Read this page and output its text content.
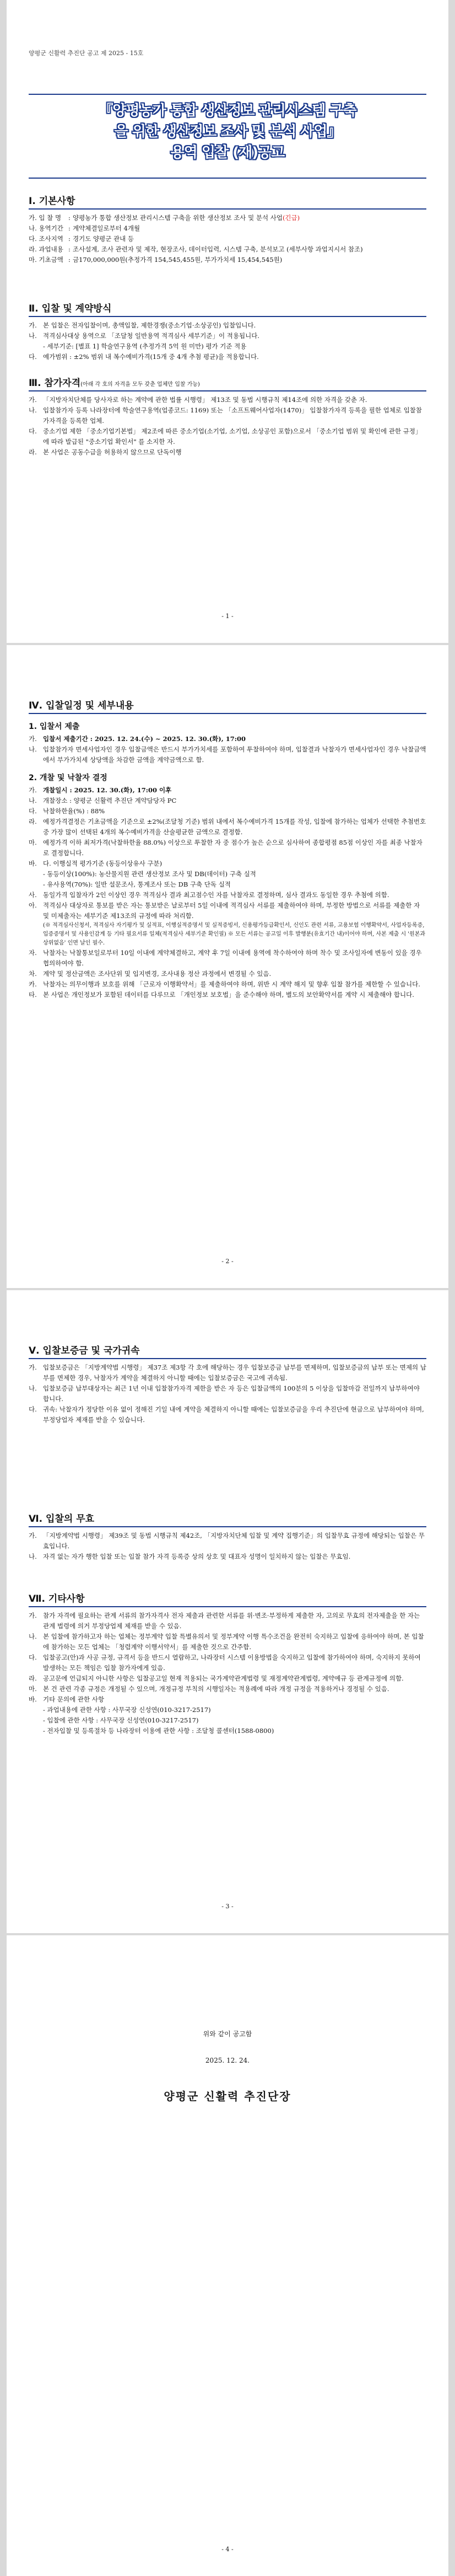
양평군 신활력 추진단 공고 제 2025 - 15호
『양평농가 통합 생산정보 관리시스템 구축
을 위한 생산정보 조사 및 분석 사업』
용역 입찰 (재)공고
Ⅰ. 기본사항
가. 입 찰 명	: 양평농가 통합 생산정보 관리시스템 구축을 위한 생산정보 조사 및 분석 사업(긴급)
나. 용역기간 : 계약체결일로부터 4개월
다. 조사지역 : 경기도 양평군 관내 등
라. 과업내용 : 조사설계, 조사 관련자 및 제작, 현장조사, 데이터입력, 시스템 구축, 분석보고 (세부사항 과업지시서 참조)
마. 기초금액 : 금170,000,000원(추정가격 154,545,455원, 부가가치세 15,454,545원)
Ⅱ. 입찰 및 계약방식
가. 본 입찰은 전자입찰이며, 총액입찰, 제한경쟁(중소기업·소상공인) 입찰입니다.
나. 적격심사대상 용역으로 「조달청 일반용역 적격심사 세부기준」이 적용됩니다.
- 세부기준: [별표 1] 학술연구용역 (추정가격 5억 원 미만) 평가 기준 적용
다. 예가범위 : ±2% 범위 내 복수예비가격(15개 중 4개 추첨 평균)을 적용합니다.
Ⅲ. 참가자격(아래 각 호의 자격을 모두 갖춘 업체만 입찰 가능)
가. 「지방자치단체를 당사자로 하는 계약에 관한 법률 시행령」 제13조 및 동법 시행규칙 제14조에 의한 자격을 갖춘 자.
나. 입찰참가자 등록 나라장터에 학술연구용역(업종코드: 1169) 또는 「소프트웨어사업자(1470)」 입찰참가자격 등록을 필한 업체로 입찰참가자격을 등록한 업체.
다. 중소기업 제한 「중소기업기본법」 제2조에 따른 중소기업(소기업, 소기업, 소상공인 포함)으로서 「중소기업 범위 및 확인에 관한 규정」에 따라 발급된 "중소기업 확인서" 를 소지한 자.
라. 본 사업은 공동수급을 허용하지 않으므로 단독이행
- 1 -
Ⅳ. 입찰일정 및 세부내용
1. 입찰서 제출
가. 입찰서 제출기간 : 2025. 12. 24.(수) ~ 2025. 12. 30.(화), 17:00
나. 입찰참가자 면세사업자인 경우 입찰금액은 반드시 부가가치세를 포함하여 투찰하여야 하며, 입찰결과 낙찰자가 면세사업자인 경우 낙찰금액에서 부가가치세 상당액을 차감한 금액을 계약금액으로 함.
2. 개찰 및 낙찰자 결정
가. 개찰일시 : 2025. 12. 30.(화), 17:00 이후
나. 개찰장소 : 양평군 신활력 추진단 계약담당자 PC
다. 낙찰하한율(%) : 88%
라. 예정가격결정은 기초금액을 기준으로 ±2%(조달청 기준) 범위 내에서 복수예비가격 15개를 작성, 입찰에 참가하는 업체가 선택한 추첨번호 중 가장 많이 선택된 4개의 복수예비가격을 산술평균한 금액으로 결정함.
마. 예정가격 이하 최저가격(낙찰하한율 88.0%) 이상으로 투찰한 자 중 점수가 높은 순으로 심사하여 종합평점 85점 이상인 자를 최종 낙찰자로 결정합니다.
바. 다. 이행실적 평가기준 (동등이상유사 구분)
- 동등이상(100%): 농산물지원 관련 생산정보 조사 및 DB(데이터) 구축 실적
- 유사용역(70%): 일반 설문조사, 통계조사 또는 DB 구축 단독 실적
사. 동일가격 입찰자가 2인 이상인 경우 적격심사 결과 최고점수인 자를 낙찰자로 결정하며, 심사 결과도 동일한 경우 추첨에 의함.
아. 적격심사 대상자로 통보를 받은 자는 통보받은 날로부터 5일 이내에 적격심사 서류를 제출하여야 하며, 부정한 방법으로 서류를 제출한 자 및 미제출자는 세부기준 제13조의 규정에 따라 처리함.
(※ 적격심사신청서, 적격심사 자기평가 및 실적표, 이행실적증명서 및 실적증빙서, 신용평가등급확인서, 신인도 관련 서류, 고용보험 이행확약서, 사업자등록증, 입증증명서 및 사용인감계 등 기타 필요서류 일체(적격심사 세부기준 확인필) ※ 모든 서류는 공고일 이후 발행분(유효기간 내)이어야 하며, 사본 제출 시 '원본과 상위없음' 인면 날인 필수.
자. 낙찰자는 낙찰통보일로부터 10일 이내에 계약체결하고, 계약 후 7일 이내에 용역에 착수하여야 하며 착수 및 조사일자에 변동이 있을 경우 협의하여야 함.
차. 계약 및 정산금액은 조사단위 및 입지변경, 조사내용 정산 과정에서 변경될 수 있음.
카. 낙찰자는 의무이행과 보호를 위해 「근로자 이행확약서」를 제출하여야 하며, 위반 시 계약 해지 및 향후 입찰 참가를 제한할 수 있습니다.
타. 본 사업은 개인정보가 포함된 데이터를 다루므로 「개인정보 보호법」을 준수해야 하며, 별도의 보안확약서를 계약 시 제출해야 합니다.
- 2 -
Ⅴ. 입찰보증금 및 국가귀속
가. 입찰보증금은 「지방계약법 시행령」 제37조 제3항 각 호에 해당하는 경우 입찰보증금 납부를 면제하며, 입찰보증금의 납부 또는 면제의 납부를 면제한 경우, 낙찰자가 계약을 체결하지 아니할 때에는 입찰보증금은 국고에 귀속됨.
나. 입찰보증금 납부대상자는 최근 1년 이내 입찰참가자격 제한을 받은 자 등은 입찰금액의 100분의 5 이상을 입찰마감 전일까지 납부하여야 합니다.
다. 귀속: 낙찰자가 정당한 이유 없이 정해진 기일 내에 계약을 체결하지 아니할 때에는 입찰보증금을 우리 추진단에 현금으로 납부하여야 하며, 부정당업자 제재를 받을 수 있습니다.
Ⅵ. 입찰의 무효
가. 「지방계약법 시행령」 제39조 및 동법 시행규칙 제42조, 「지방자치단체 입찰 및 계약 집행기준」의 입찰무효 규정에 해당되는 입찰은 무효입니다.
나. 자격 없는 자가 행한 입찰 또는 입찰 참가 자격 등록증 상의 상호 및 대표자 성명이 일치하지 않는 입찰은 무효임.
Ⅶ. 기타사항
가. 참가 자격에 필요하는 관계 서류의 참가자격사 전자 제출과 관련한 서류를 위·변조·부정하게 제출한 자, 고의로 무효의 전자제출을 한 자는 관계 법령에 의거 부정당업제 제재를 받을 수 있음.
나. 본 입찰에 참가하고자 하는 업체는 정부계약 입찰 특별유의서 및 정부계약 이행 특수조건을 완전히 숙지하고 입찰에 응하여야 하며, 본 입찰에 참가하는 모든 업체는 「청렴계약 이행서약서」를 제출한 것으로 간주함.
다. 입찰공고(안)과 사공 규정, 규격서 등을 반드시 열람하고, 나라장터 시스템 이용방법을 숙지하고 입찰에 참가하여야 하며, 숙지하지 못하여 발생하는 모든 책임은 입찰 참가자에게 있음.
라. 공고문에 언급되지 아니한 사항은 입찰공고일 현재 적용되는 국가계약관계법령 및 재정계약관계법령, 계약예규 등 관계규정에 의함.
마. 본 건 관련 각종 규정은 개정될 수 있으며, 개정규정 부칙의 시행일자는 적용례에 따라 개정 규정을 적용하거나 경정될 수 있음.
바. 기타 문의에 관한 사항
- 과업내용에 관한 사항 : 사무국장 신성연(010-3217-2517)
- 입찰에 관한 사항 : 사무국장 신성연(010-3217-2517)
- 전자입찰 및 등록절차 등 나라장터 이용에 관한 사항 : 조달청 콜센터(1588-0800)
- 3 -
위와 같이 공고함
2025. 12. 24.
양평군 신활력 추진단장
- 4 -
